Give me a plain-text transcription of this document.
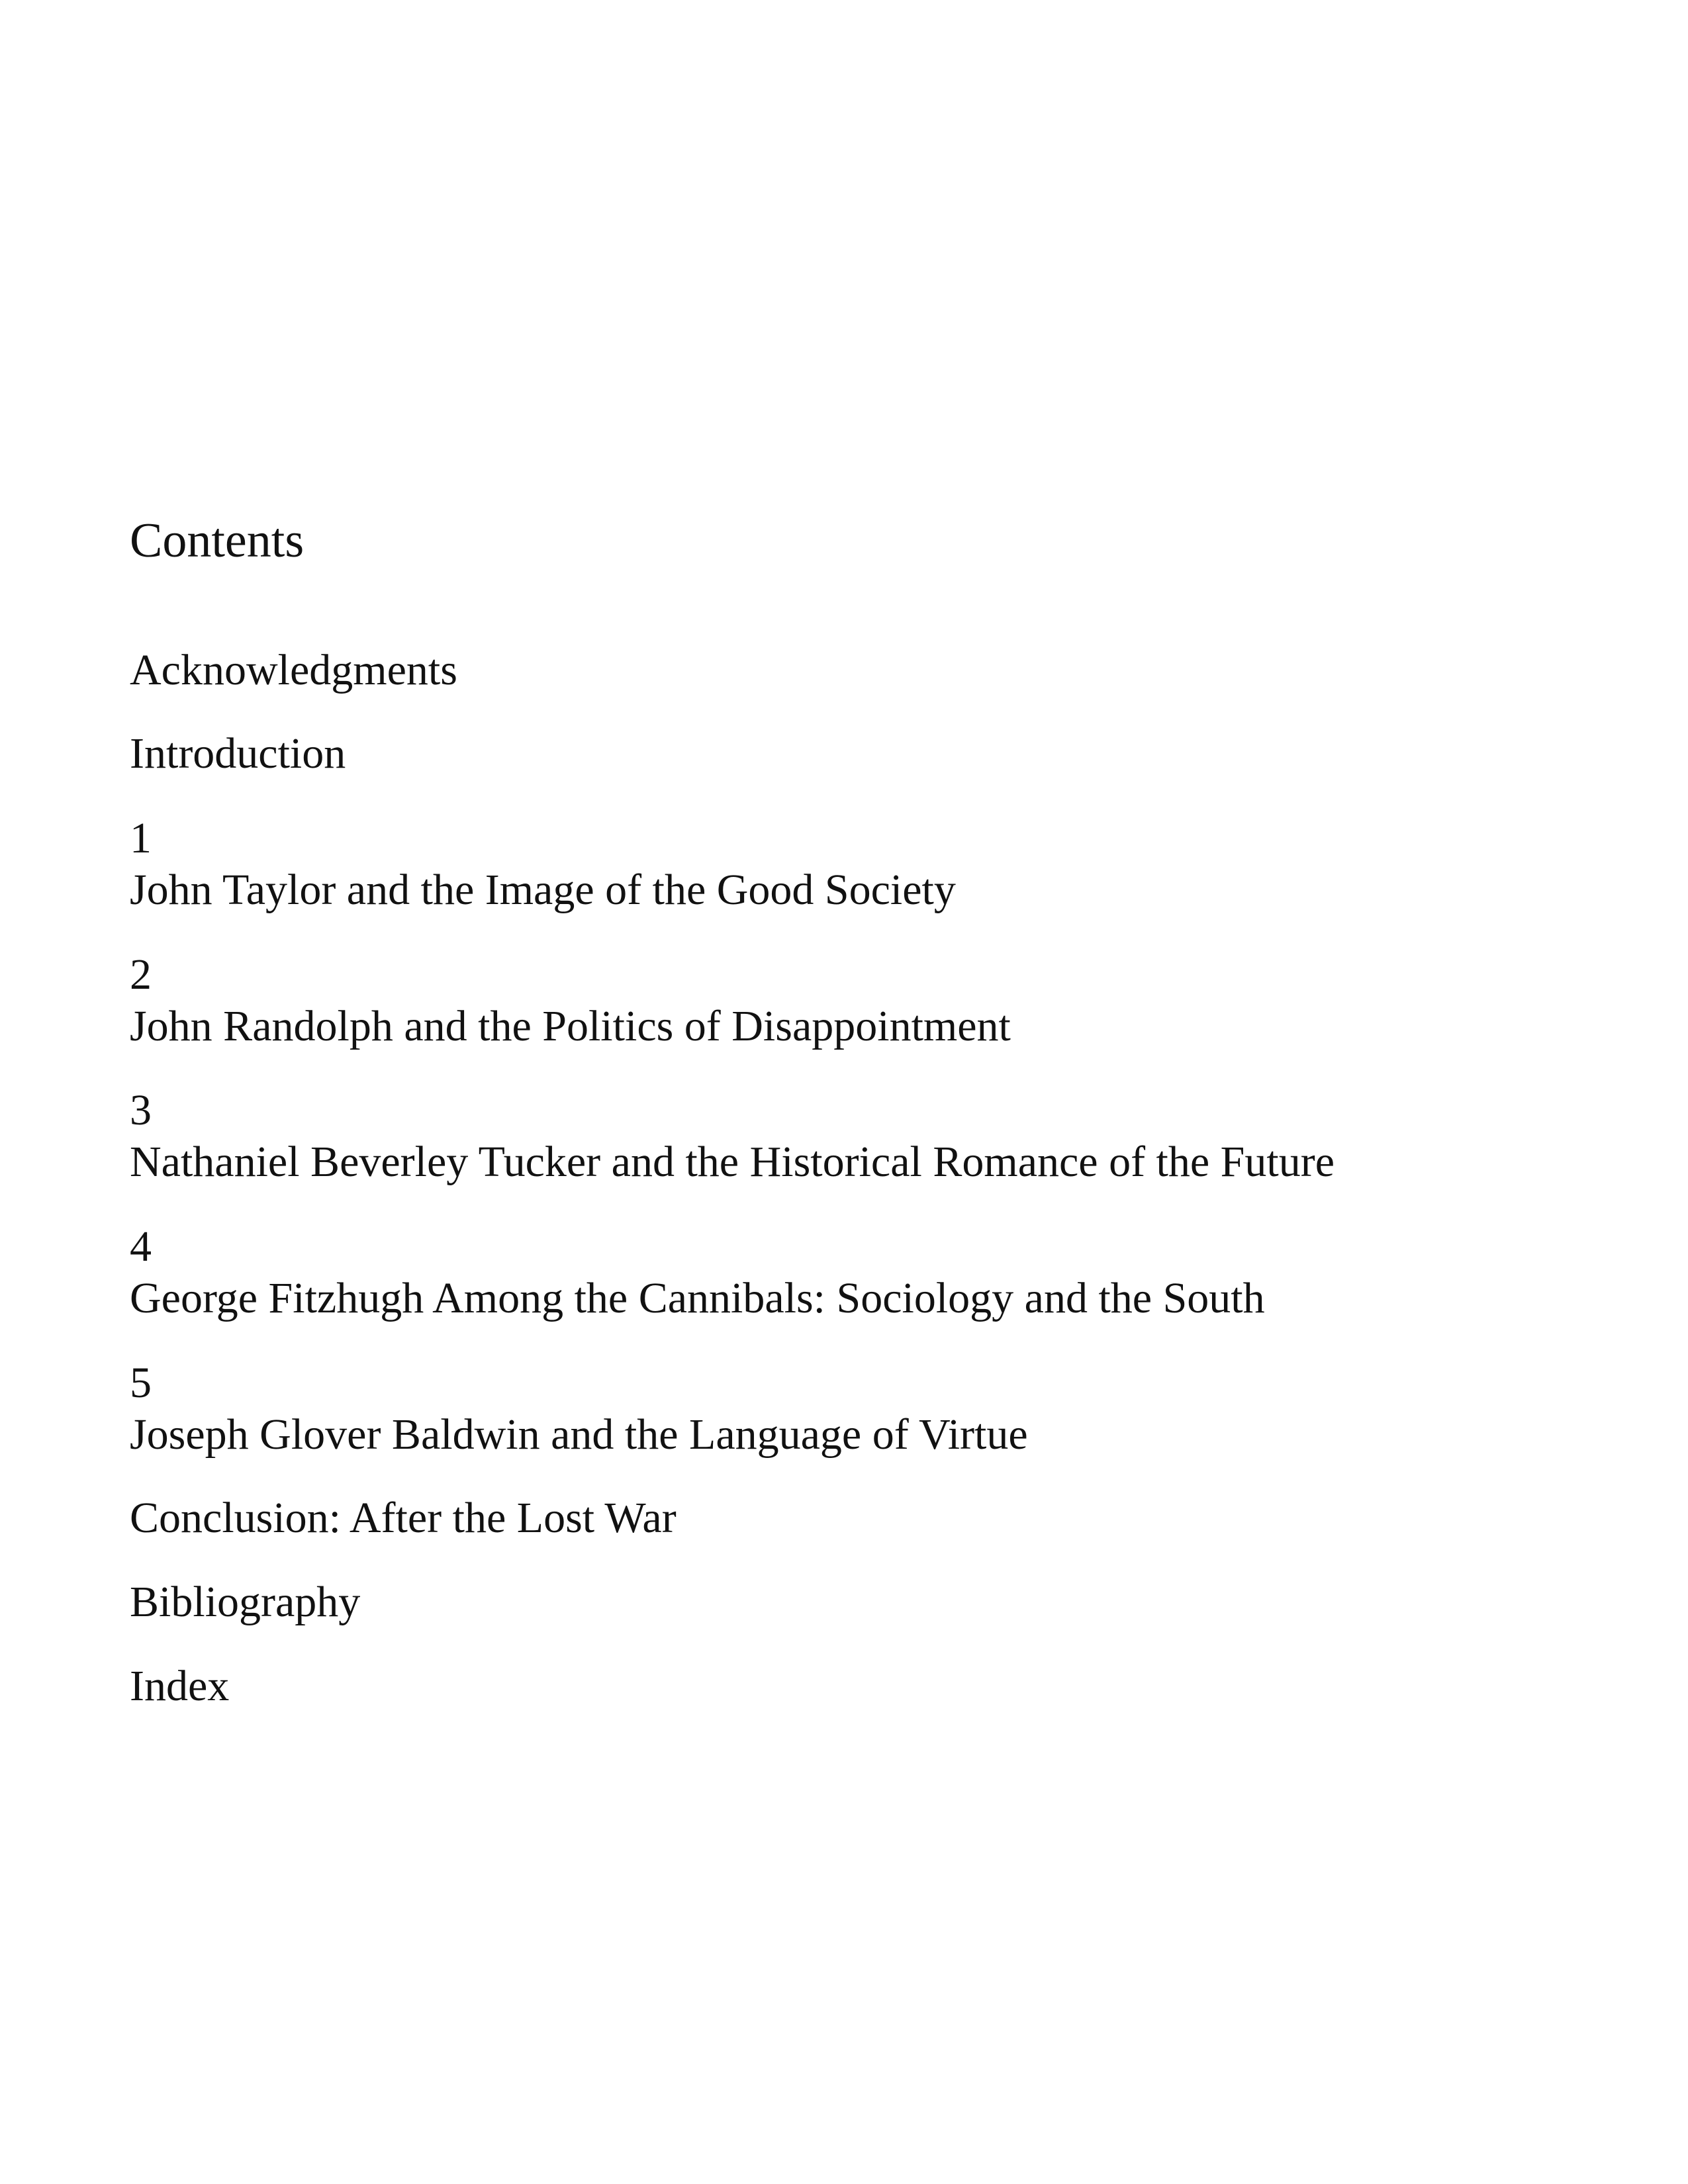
Contents
Acknowledgments
Introduction
1
John Taylor and the Image of the Good Society
2
John Randolph and the Politics of Disappointment
3
Nathaniel Beverley Tucker and the Historical Romance of the Future
4
George Fitzhugh Among the Cannibals: Sociology and the South
5
Joseph Glover Baldwin and the Language of Virtue
Conclusion: After the Lost War
Bibliography
Index
